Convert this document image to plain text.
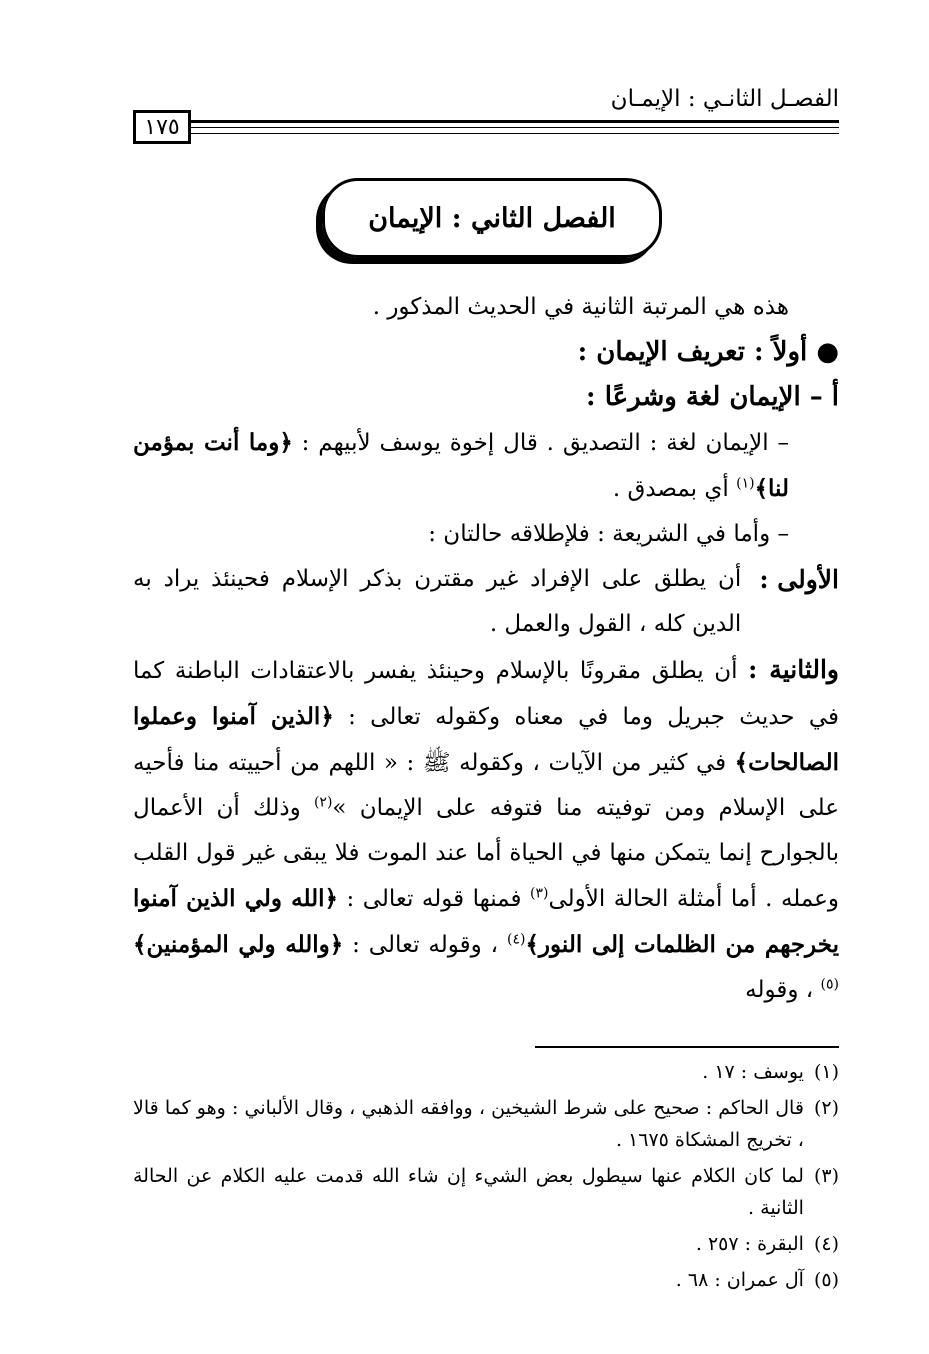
الفصـل الثانـي : الإيمـان
١٧٥
الفصل الثاني : الإيمان

هذه هي المرتبة الثانية في الحديث المذكور .

● أولاً : تعريف الإيمان :

أ – الإيمان لغة وشرعًا :

– الإيمان لغة : التصديق . قال إخوة يوسف لأبيهم : ﴿وما أنت بمؤمن لنا﴾$^{(١)}$ أي بمصدق .

– وأما في الشريعة : فلإطلاقه حالتان :

الأولى :
أن يطلق على الإفراد غير مقترن بذكر الإسلام فحينئذ يراد به الدين كله ، القول والعمل .

والثانية : أن يطلق مقرونًا بالإسلام وحينئذ يفسر بالاعتقادات الباطنة كما في حديث جبريل وما في معناه وكقوله تعالى : ﴿الذين آمنوا وعملوا الصالحات﴾ في كثير من الآيات ، وكقوله ﷺ : « اللهم من أحييته منا فأحيه على الإسلام ومن توفيته منا فتوفه على الإيمان »$^{(٢)}$ وذلك أن الأعمال بالجوارح إنما يتمكن منها في الحياة أما عند الموت فلا يبقى غير قول القلب وعمله . أما أمثلة الحالة الأولى$^{(٣)}$ فمنها قوله تعالى : ﴿الله ولي الذين آمنوا يخرجهم من الظلمات إلى النور﴾$^{(٤)}$ ، وقوله تعالى : ﴿والله ولي المؤمنين﴾$^{(٥)}$ ، وقوله

(١)
يوسف : ١٧ .
(٢)
قال الحاكم : صحيح على شرط الشيخين ، ووافقه الذهبي ، وقال الألباني : وهو كما قالا ، تخريج المشكاة ١٦٧٥ .
(٣)
لما كان الكلام عنها سيطول بعض الشيء إن شاء الله قدمت عليه الكلام عن الحالة الثانية .
(٤)
البقرة : ٢٥٧ .
(٥)
آل عمران : ٦٨ .
